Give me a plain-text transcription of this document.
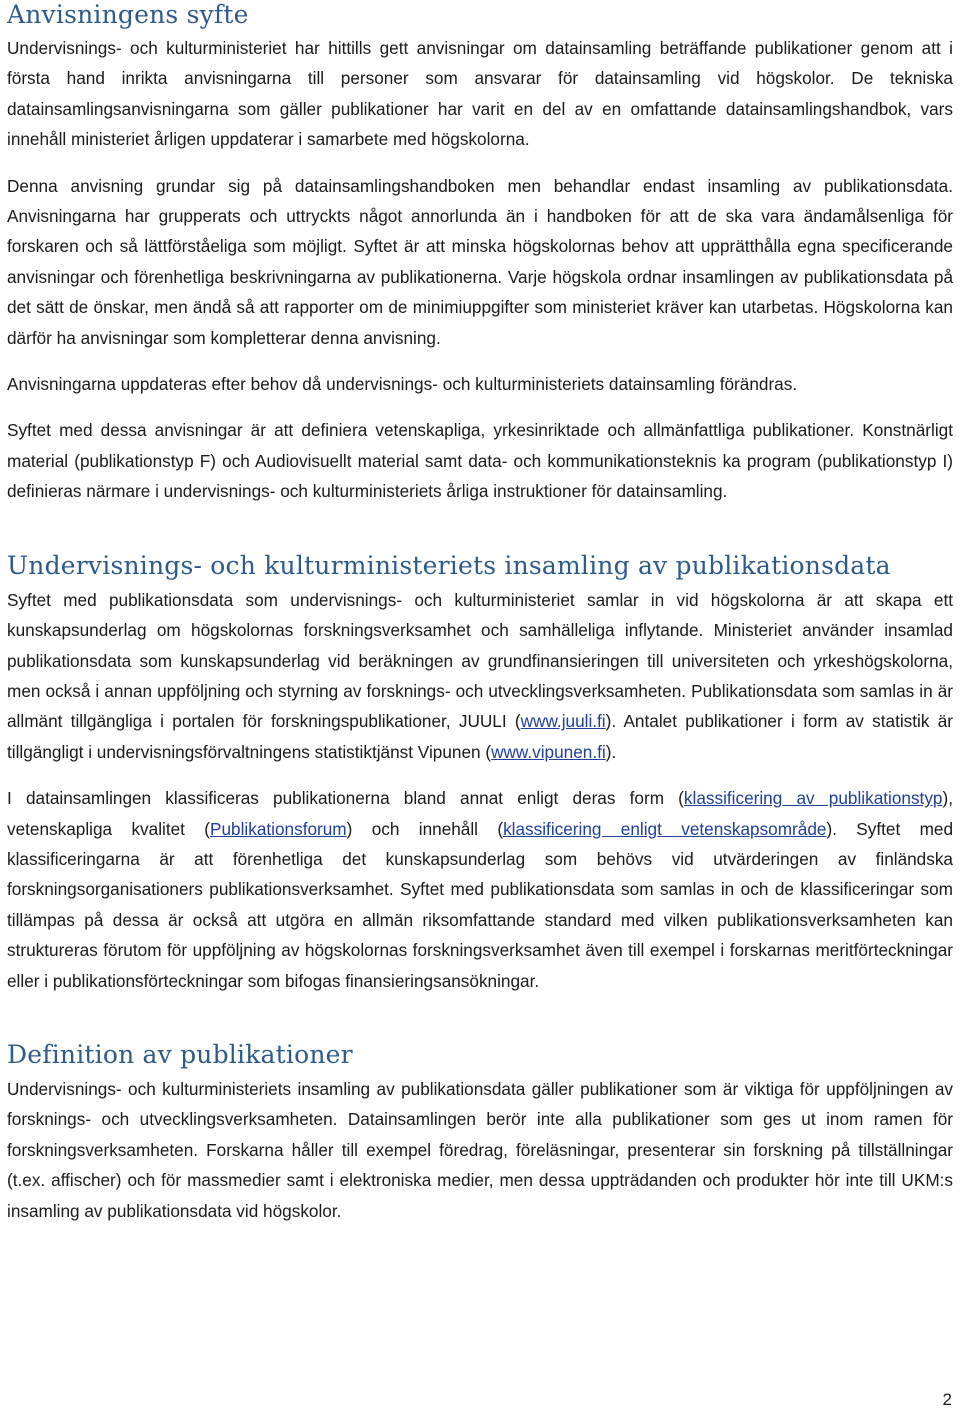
Anvisningens syfte

Undervisnings- och kulturministeriet har hittills gett anvisningar om datainsamling beträffande publikationer genom att i första hand inrikta anvisningarna till personer som ansvarar för datainsamling vid högskolor. De tekniska datainsamlingsanvisningarna som gäller publikationer har varit en del av en omfattande datainsamlingshandbok, vars innehåll ministeriet årligen uppdaterar i samarbete med högskolorna.

Denna anvisning grundar sig på datainsamlingshandboken men behandlar endast insamling av publikationsdata. Anvisningarna har grupperats och uttryckts något annorlunda än i handboken för att de ska vara ändamålsenliga för forskaren och så lättförståeliga som möjligt. Syftet är att minska högskolornas behov att upprätthålla egna specificerande anvisningar och förenhetliga beskrivningarna av publikationerna. Varje högskola ordnar insamlingen av publikationsdata på det sätt de önskar, men ändå så att rapporter om de minimiuppgifter som ministeriet kräver kan utarbetas. Högskolorna kan därför ha anvisningar som kompletterar denna anvisning.

Anvisningarna uppdateras efter behov då undervisnings- och kulturministeriets datainsamling förändras.

Syftet med dessa anvisningar är att definiera vetenskapliga, yrkesinriktade och allmänfattliga publikationer. Konstnärligt material (publikationstyp F) och Audiovisuellt material samt data- och kommunikationsteknis ka program (publikationstyp I) definieras närmare i undervisnings- och kulturministeriets årliga instruktioner för datainsamling.

Undervisnings- och kulturministeriets insamling av publikationsdata

Syftet med publikationsdata som undervisnings- och kulturministeriet samlar in vid högskolorna är att skapa ett kunskapsunderlag om högskolornas forskningsverksamhet och samhälleliga inflytande. Ministeriet använder insamlad publikationsdata som kunskapsunderlag vid beräkningen av grundfinansieringen till universiteten och yrkeshögskolorna, men också i annan uppföljning och styrning av forsknings- och utvecklingsverksamheten. Publikationsdata som samlas in är allmänt tillgängliga i portalen för forskningspublikationer, JUULI (www.juuli.fi). Antalet publikationer i form av statistik är tillgängligt i undervisningsförvaltningens statistiktjänst Vipunen (www.vipunen.fi).

I datainsamlingen klassificeras publikationerna bland annat enligt deras form (klassificering av publikationstyp), vetenskapliga kvalitet (Publikationsforum) och innehåll (klassificering enligt vetenskapsområde). Syftet med klassificeringarna är att förenhetliga det kunskapsunderlag som behövs vid utvärderingen av finländska forskningsorganisationers publikationsverksamhet. Syftet med publikationsdata som samlas in och de klassificeringar som tillämpas på dessa är också att utgöra en allmän riksomfattande standard med vilken publikationsverksamheten kan struktureras förutom för uppföljning av högskolornas forskningsverksamhet även till exempel i forskarnas meritförteckningar eller i publikationsförteckningar som bifogas finansieringsansökningar.

Definition av publikationer

Undervisnings- och kulturministeriets insamling av publikationsdata gäller publikationer som är viktiga för uppföljningen av forsknings- och utvecklingsverksamheten. Datainsamlingen berör inte alla publikationer som ges ut inom ramen för forskningsverksamheten. Forskarna håller till exempel föredrag, föreläsningar, presenterar sin forskning på tillställningar (t.ex. affischer) och för massmedier samt i elektroniska medier, men dessa uppträdanden och produkter hör inte till UKM:s insamling av publikationsdata vid högskolor.

2
